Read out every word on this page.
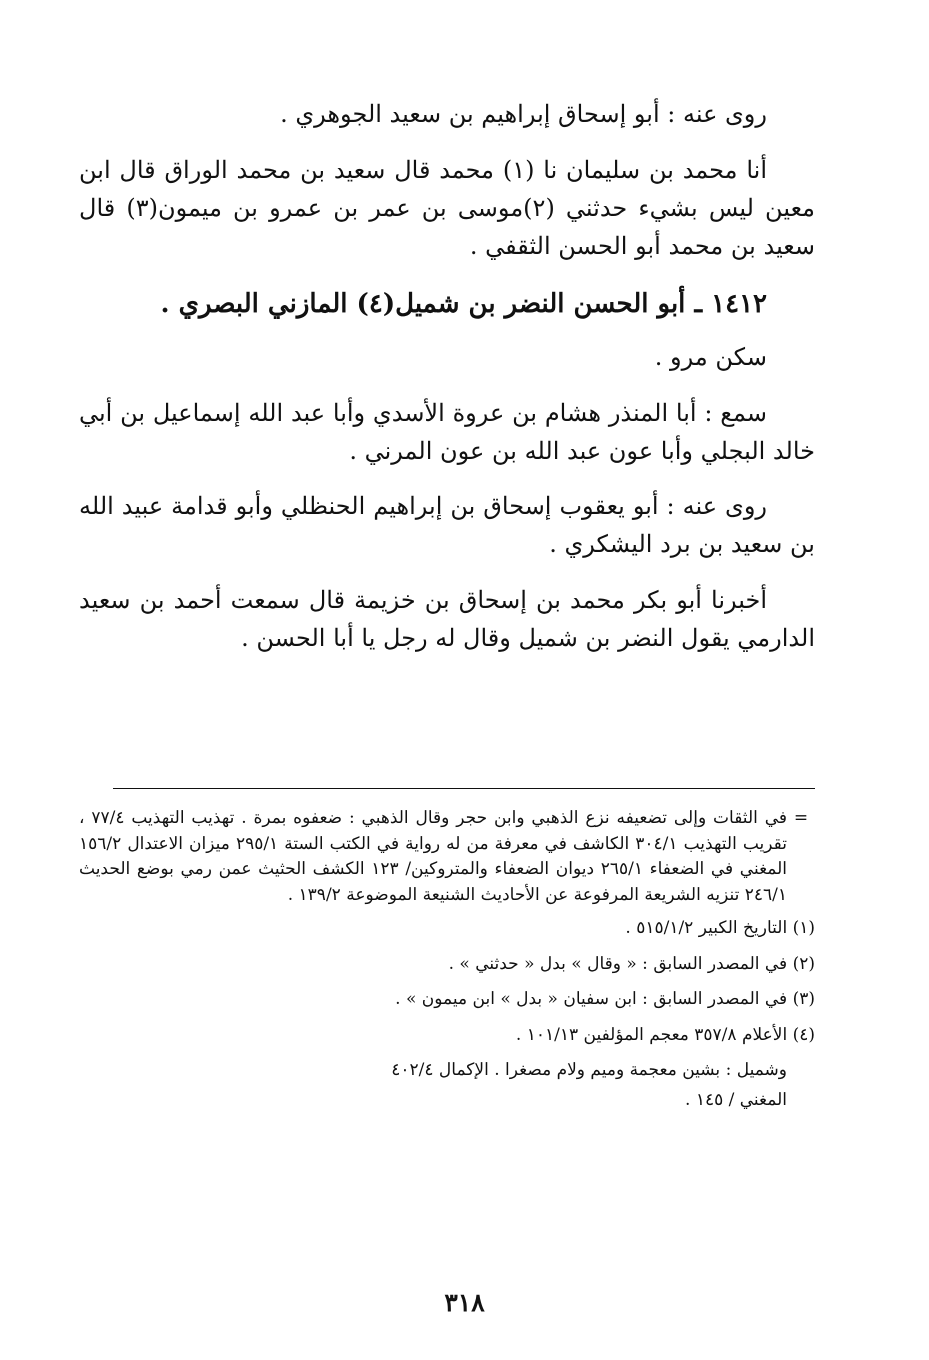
روى عنه : أبو إسحاق إبراهيم بن سعيد الجوهري .

أنا محمد بن سليمان نا (١) محمد قال سعيد بن محمد الوراق قال ابن معين ليس بشيء حدثني (٢)موسى بن عمر بن عمرو بن ميمون(٣) قال سعيد بن محمد أبو الحسن الثقفي .

١٤١٢ ـ أبو الحسن النضر بن شميل(٤) المازني البصري .

سكن مرو .

سمع : أبا المنذر هشام بن عروة الأسدي وأبا عبد الله إسماعيل بن أبي خالد البجلي وأبا عون عبد الله بن عون المرني .

روى عنه : أبو يعقوب إسحاق بن إبراهيم الحنظلي وأبو قدامة عبيد الله بن سعيد بن برد اليشكري .

أخبرنا أبو بكر محمد بن إسحاق بن خزيمة قال سمعت أحمد بن سعيد الدارمي يقول النضر بن شميل وقال له رجل يا أبا الحسن .

=
في الثقات وإلى تضعيفه نزع الذهبي وابن حجر وقال الذهبي : ضعفوه بمرة . تهذيب التهذيب ٧٧/٤ ، تقريب التهذيب ٣٠٤/١ الكاشف في معرفة من له رواية في الكتب الستة ٢٩٥/١ ميزان الاعتدال ١٥٦/٢ المغني في الضعفاء ٢٦٥/١ ديوان الضعفاء والمتروكين/ ١٢٣ الكشف الحثيث عمن رمي بوضع الحديث ٢٤٦/١ تنزيه الشريعة المرفوعة عن الأحاديث الشنيعة الموضوعة ١٣٩/٢ .

(١) التاريخ الكبير ٥١٥/١/٢ .

(٢) في المصدر السابق : « وقال » بدل « حدثني » .

(٣) في المصدر السابق : ابن سفيان « بدل » ابن ميمون » .

(٤) الأعلام ٣٥٧/٨ معجم المؤلفين ١٠١/١٣ .

وشميل : بشين معجمة وميم ولام مصغرا . الإكمال ٤٠٢/٤

المغني / ١٤٥ .

٣١٨
